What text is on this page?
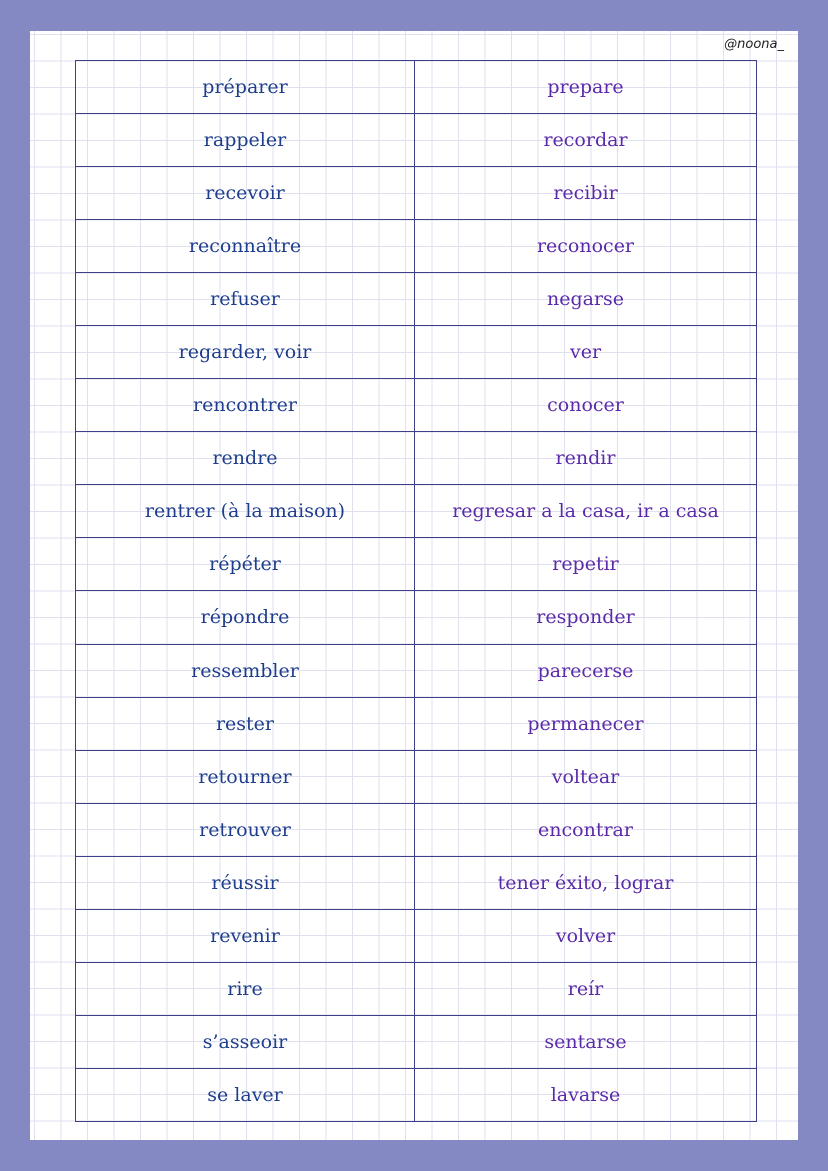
@noona_
préparer	prepare
rappeler	recordar
recevoir	recibir
reconnaître	reconocer
refuser	negarse
regarder, voir	ver
rencontrer	conocer
rendre	rendir
rentrer (à la maison)	regresar a la casa, ir a casa
répéter	repetir
répondre	responder
ressembler	parecerse
rester	permanecer
retourner	voltear
retrouver	encontrar
réussir	tener éxito, lograr
revenir	volver
rire	reír
s’asseoir	sentarse
se laver	lavarse
